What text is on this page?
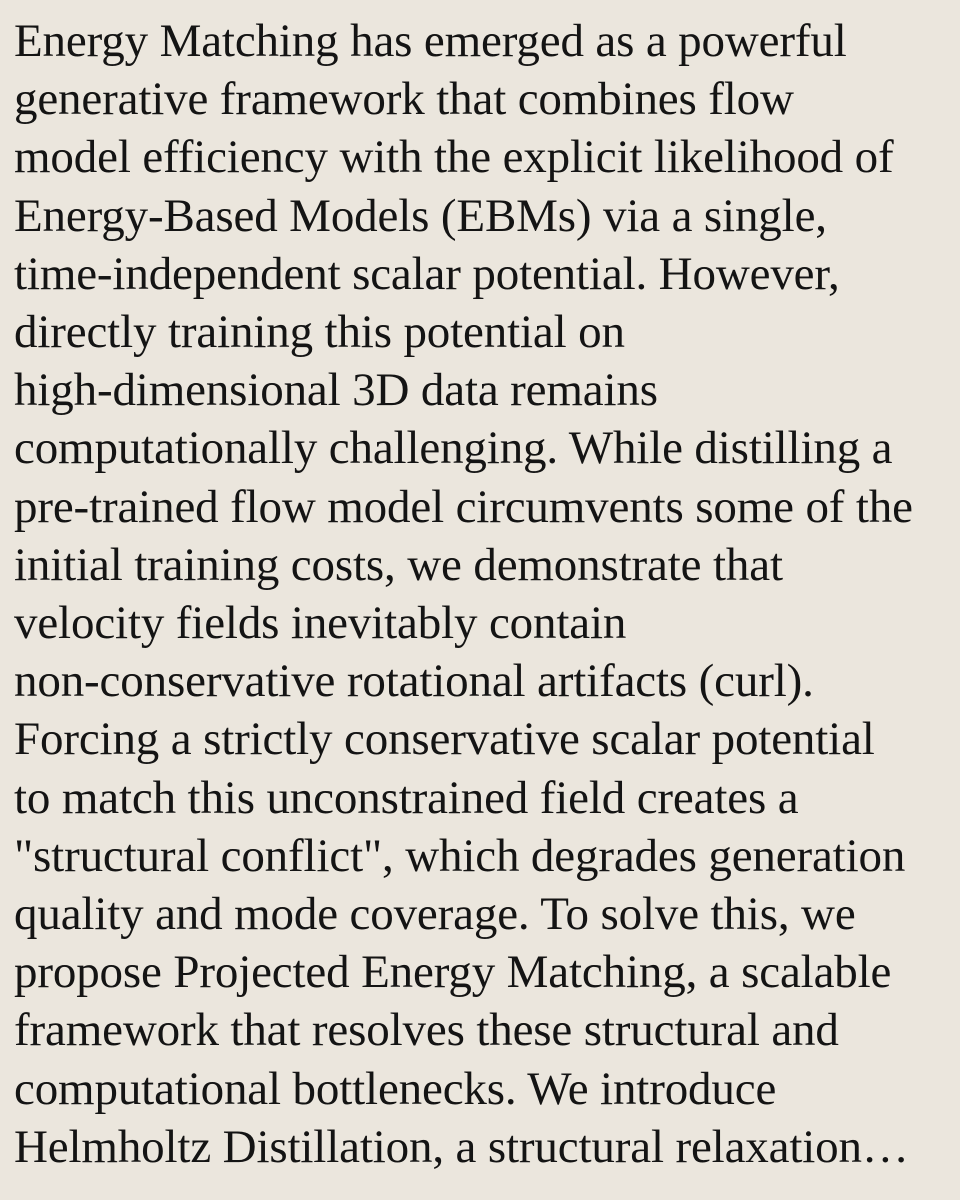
Energy Matching has emerged as a powerful
generative framework that combines flow
model efficiency with the explicit likelihood of
Energy-Based Models (EBMs) via a single,
time-independent scalar potential. However,
directly training this potential on
high-dimensional 3D data remains
computationally challenging. While distilling a
pre-trained flow model circumvents some of the
initial training costs, we demonstrate that
velocity fields inevitably contain
non-conservative rotational artifacts (curl).
Forcing a strictly conservative scalar potential
to match this unconstrained field creates a
"structural conflict", which degrades generation
quality and mode coverage. To solve this, we
propose Projected Energy Matching, a scalable
framework that resolves these structural and
computational bottlenecks. We introduce
Helmholtz Distillation, a structural relaxation…
